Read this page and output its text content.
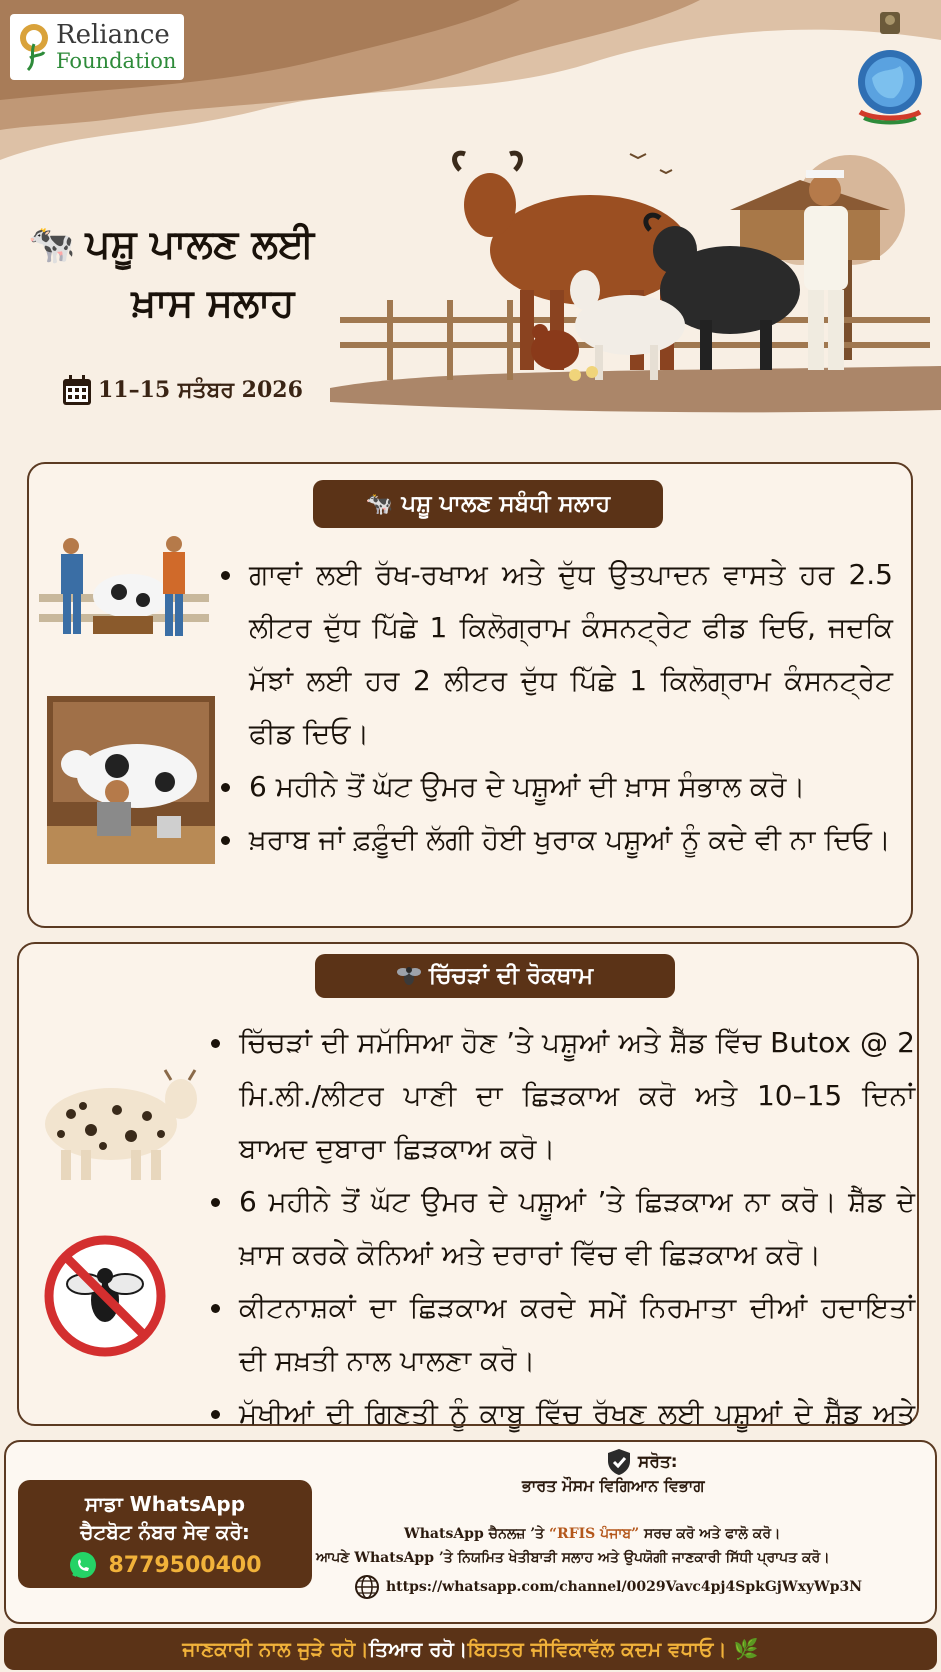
Reliance
Foundation
🐄 ਪਸ਼ੂ ਪਾਲਣ ਲਈ
ਖ਼ਾਸ ਸਲਾਹ
11–15 ਸਤੰਬਰ 2026
🐄 ਪਸ਼ੂ ਪਾਲਣ ਸਬੰਧੀ ਸਲਾਹ
ਗਾਵਾਂ ਲਈ ਰੱਖ-ਰਖਾਅ ਅਤੇ ਦੁੱਧ ਉਤਪਾਦਨ ਵਾਸਤੇ ਹਰ 2.5 ਲੀਟਰ ਦੁੱਧ ਪਿੱਛੇ 1 ਕਿਲੋਗ੍ਰਾਮ ਕੰਸਨਟ੍ਰੇਟ ਫੀਡ ਦਿਓ, ਜਦਕਿ ਮੱਝਾਂ ਲਈ ਹਰ 2 ਲੀਟਰ ਦੁੱਧ ਪਿੱਛੇ 1 ਕਿਲੋਗ੍ਰਾਮ ਕੰਸਨਟ੍ਰੇਟ ਫੀਡ ਦਿਓ।
6 ਮਹੀਨੇ ਤੋਂ ਘੱਟ ਉਮਰ ਦੇ ਪਸ਼ੂਆਂ ਦੀ ਖ਼ਾਸ ਸੰਭਾਲ ਕਰੋ।
ਖ਼ਰਾਬ ਜਾਂ ਫ਼ਫ਼ੂੰਦੀ ਲੱਗੀ ਹੋਈ ਖੁਰਾਕ ਪਸ਼ੂਆਂ ਨੂੰ ਕਦੇ ਵੀ ਨਾ ਦਿਓ।
ਚਿੱਚੜਾਂ ਦੀ ਰੋਕਥਾਮ
ਚਿੱਚੜਾਂ ਦੀ ਸਮੱਸਿਆ ਹੋਣ ’ਤੇ ਪਸ਼ੂਆਂ ਅਤੇ ਸ਼ੈੱਡ ਵਿੱਚ Butox @ 2 ਮਿ.ਲੀ./ਲੀਟਰ ਪਾਣੀ ਦਾ ਛਿੜਕਾਅ ਕਰੋ ਅਤੇ 10–15 ਦਿਨਾਂ ਬਾਅਦ ਦੁਬਾਰਾ ਛਿੜਕਾਅ ਕਰੋ।
6 ਮਹੀਨੇ ਤੋਂ ਘੱਟ ਉਮਰ ਦੇ ਪਸ਼ੂਆਂ ’ਤੇ ਛਿੜਕਾਅ ਨਾ ਕਰੋ। ਸ਼ੈੱਡ ਦੇ ਖ਼ਾਸ ਕਰਕੇ ਕੋਨਿਆਂ ਅਤੇ ਦਰਾਰਾਂ ਵਿੱਚ ਵੀ ਛਿੜਕਾਅ ਕਰੋ।
ਕੀਟਨਾਸ਼ਕਾਂ ਦਾ ਛਿੜਕਾਅ ਕਰਦੇ ਸਮੇਂ ਨਿਰਮਾਤਾ ਦੀਆਂ ਹਦਾਇਤਾਂ ਦੀ ਸਖ਼ਤੀ ਨਾਲ ਪਾਲਣਾ ਕਰੋ।
ਮੱਖੀਆਂ ਦੀ ਗਿਣਤੀ ਨੂੰ ਕਾਬੂ ਵਿੱਚ ਰੱਖਣ ਲਈ ਪਸ਼ੂਆਂ ਦੇ ਸ਼ੈੱਡ ਅਤੇ
ਸਾਡਾ WhatsApp
ਚੈਟਬੋਟ ਨੰਬਰ ਸੇਵ ਕਰੋ:
8779500400
ਸਰੋਤ:
ਭਾਰਤ ਮੌਸਮ ਵਿਗਿਆਨ ਵਿਭਾਗ
WhatsApp ਚੈਨਲਜ਼ ’ਤੇ “RFIS ਪੰਜਾਬ” ਸਰਚ ਕਰੋ ਅਤੇ ਫਾਲੋ ਕਰੋ।
ਆਪਣੇ WhatsApp ’ਤੇ ਨਿਯਮਿਤ ਖੇਤੀਬਾੜੀ ਸਲਾਹ ਅਤੇ ਉਪਯੋਗੀ ਜਾਣਕਾਰੀ ਸਿੱਧੀ ਪ੍ਰਾਪਤ ਕਰੋ।
https://whatsapp.com/channel/0029Vavc4pj4SpkGjWxyWp3N
ਜਾਣਕਾਰੀ ਨਾਲ ਜੁੜੇ ਰਹੋ। ਤਿਆਰ ਰਹੋ। ਬਿਹਤਰ ਜੀਵਿਕਾ ਵੱਲ ਕਦਮ ਵਧਾਓ।
🌿
